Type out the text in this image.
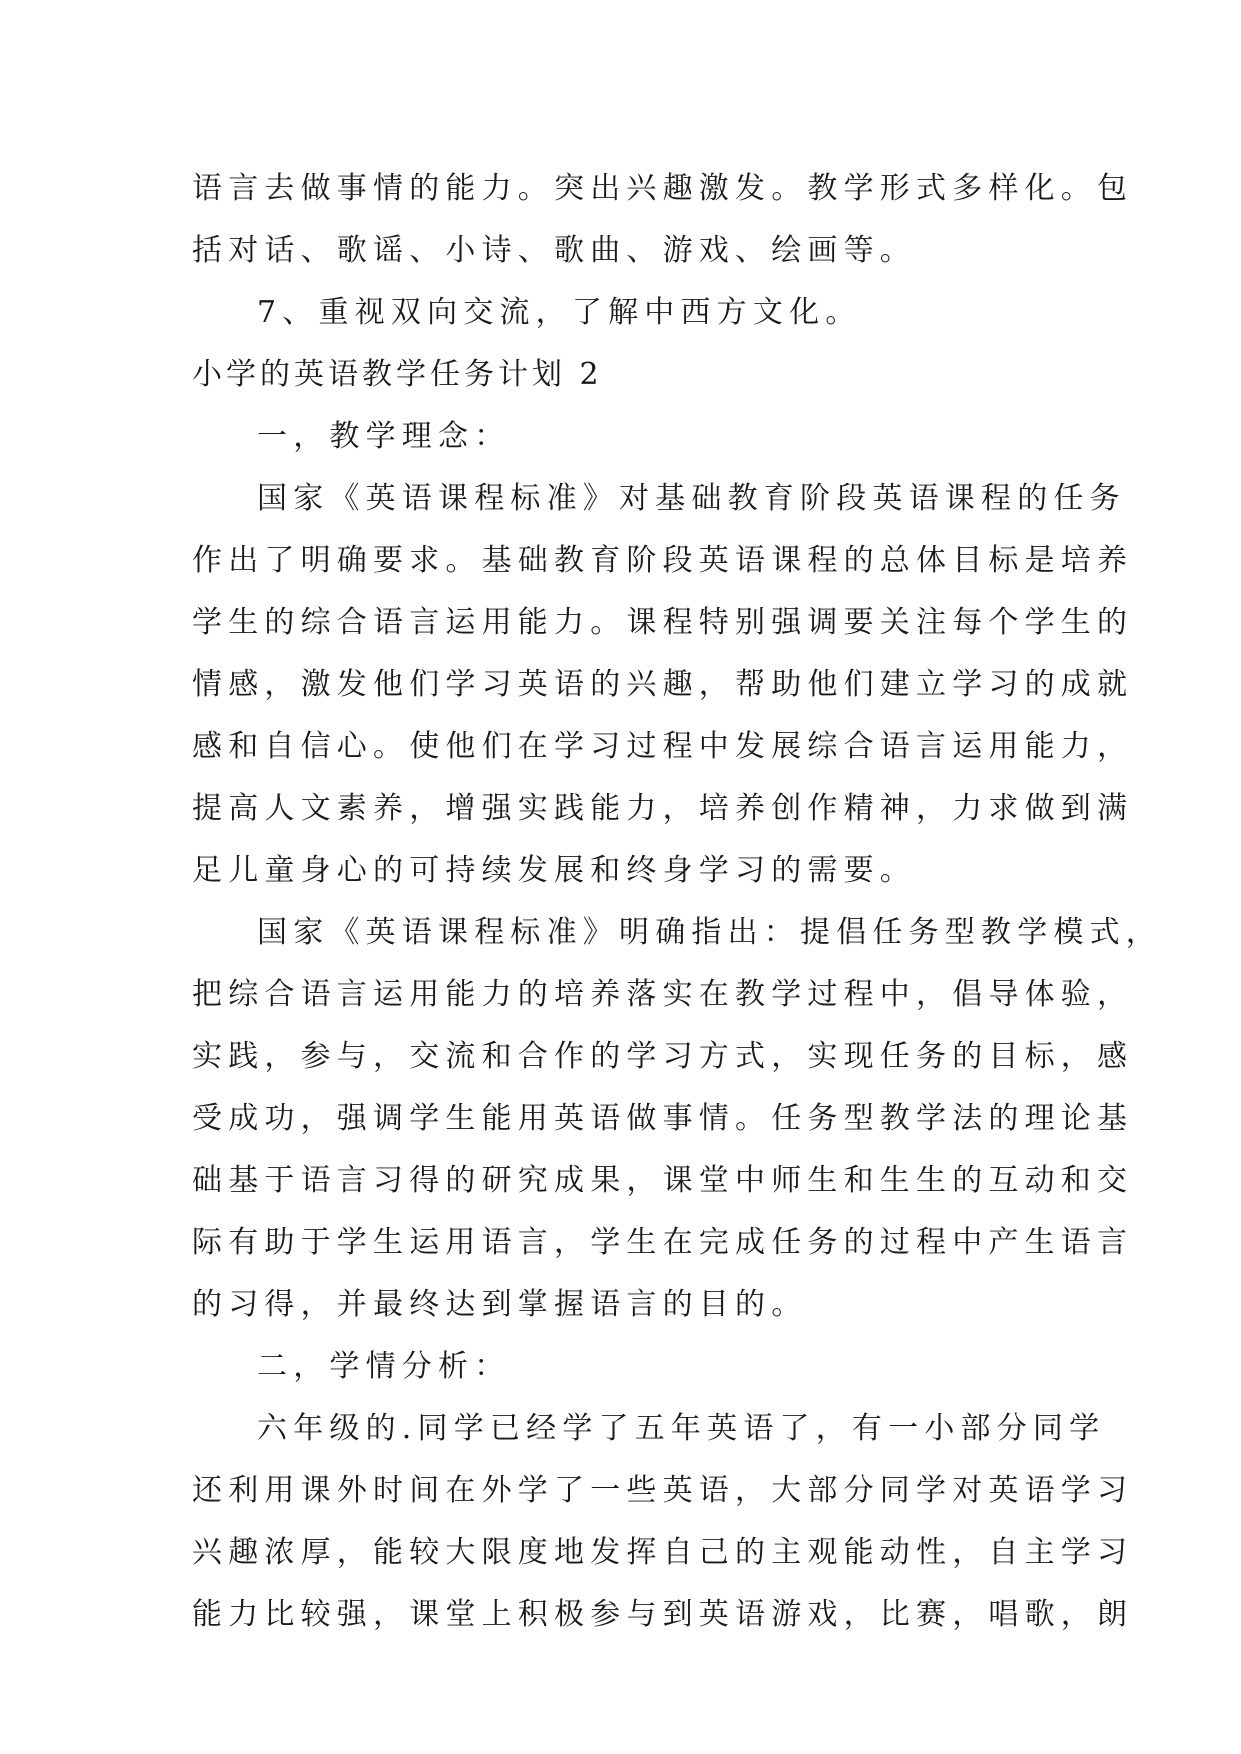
语言去做事情的能力。突出兴趣激发。教学形式多样化。包
括对话、歌谣、小诗、歌曲、游戏、绘画等。
7、重视双向交流，了解中西方文化。
小学的英语教学任务计划 2
一，教学理念：
国家《英语课程标准》对基础教育阶段英语课程的任务
作出了明确要求。基础教育阶段英语课程的总体目标是培养
学生的综合语言运用能力。课程特别强调要关注每个学生的
情感，激发他们学习英语的兴趣，帮助他们建立学习的成就
感和自信心。使他们在学习过程中发展综合语言运用能力，
提高人文素养，增强实践能力，培养创作精神，力求做到满
足儿童身心的可持续发展和终身学习的需要。
国家《英语课程标准》明确指出：提倡任务型教学模式，
把综合语言运用能力的培养落实在教学过程中，倡导体验，
实践，参与，交流和合作的学习方式，实现任务的目标，感
受成功，强调学生能用英语做事情。任务型教学法的理论基
础基于语言习得的研究成果，课堂中师生和生生的互动和交
际有助于学生运用语言，学生在完成任务的过程中产生语言
的习得，并最终达到掌握语言的目的。
二，学情分析：
六年级的.同学已经学了五年英语了，有一小部分同学
还利用课外时间在外学了一些英语，大部分同学对英语学习
兴趣浓厚，能较大限度地发挥自己的主观能动性，自主学习
能力比较强，课堂上积极参与到英语游戏，比赛，唱歌，朗
